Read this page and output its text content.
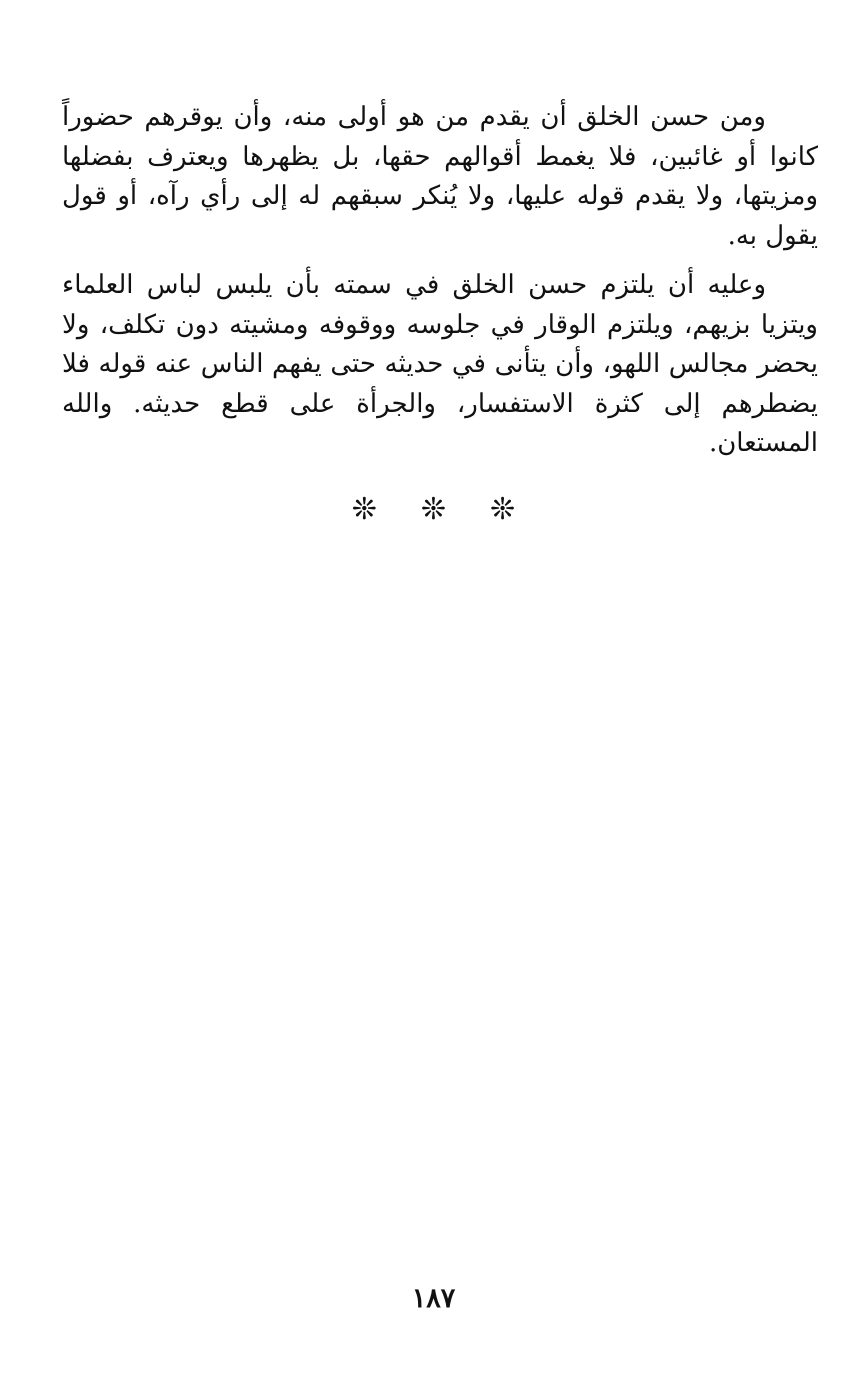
ومن حسن الخلق أن يقدم من هو أولى منه، وأن يوقرهم حضوراً كانوا أو غائبين، فلا يغمط أقوالهم حقها، بل يظهرها ويعترف بفضلها ومزيتها، ولا يقدم قوله عليها، ولا يُنكر سبقهم له إلى رأي رآه، أو قول يقول به.

وعليه أن يلتزم حسن الخلق في سمته بأن يلبس لباس العلماء ويتزيا بزيهم، ويلتزم الوقار في جلوسه ووقوفه ومشيته دون تكلف، ولا يحضر مجالس اللهو، وأن يتأنى في حديثه حتى يفهم الناس عنه قوله فلا يضطرهم إلى كثرة الاستفسار، والجرأة على قطع حديثه. والله المستعان.

❊❊❊
١٨٧
